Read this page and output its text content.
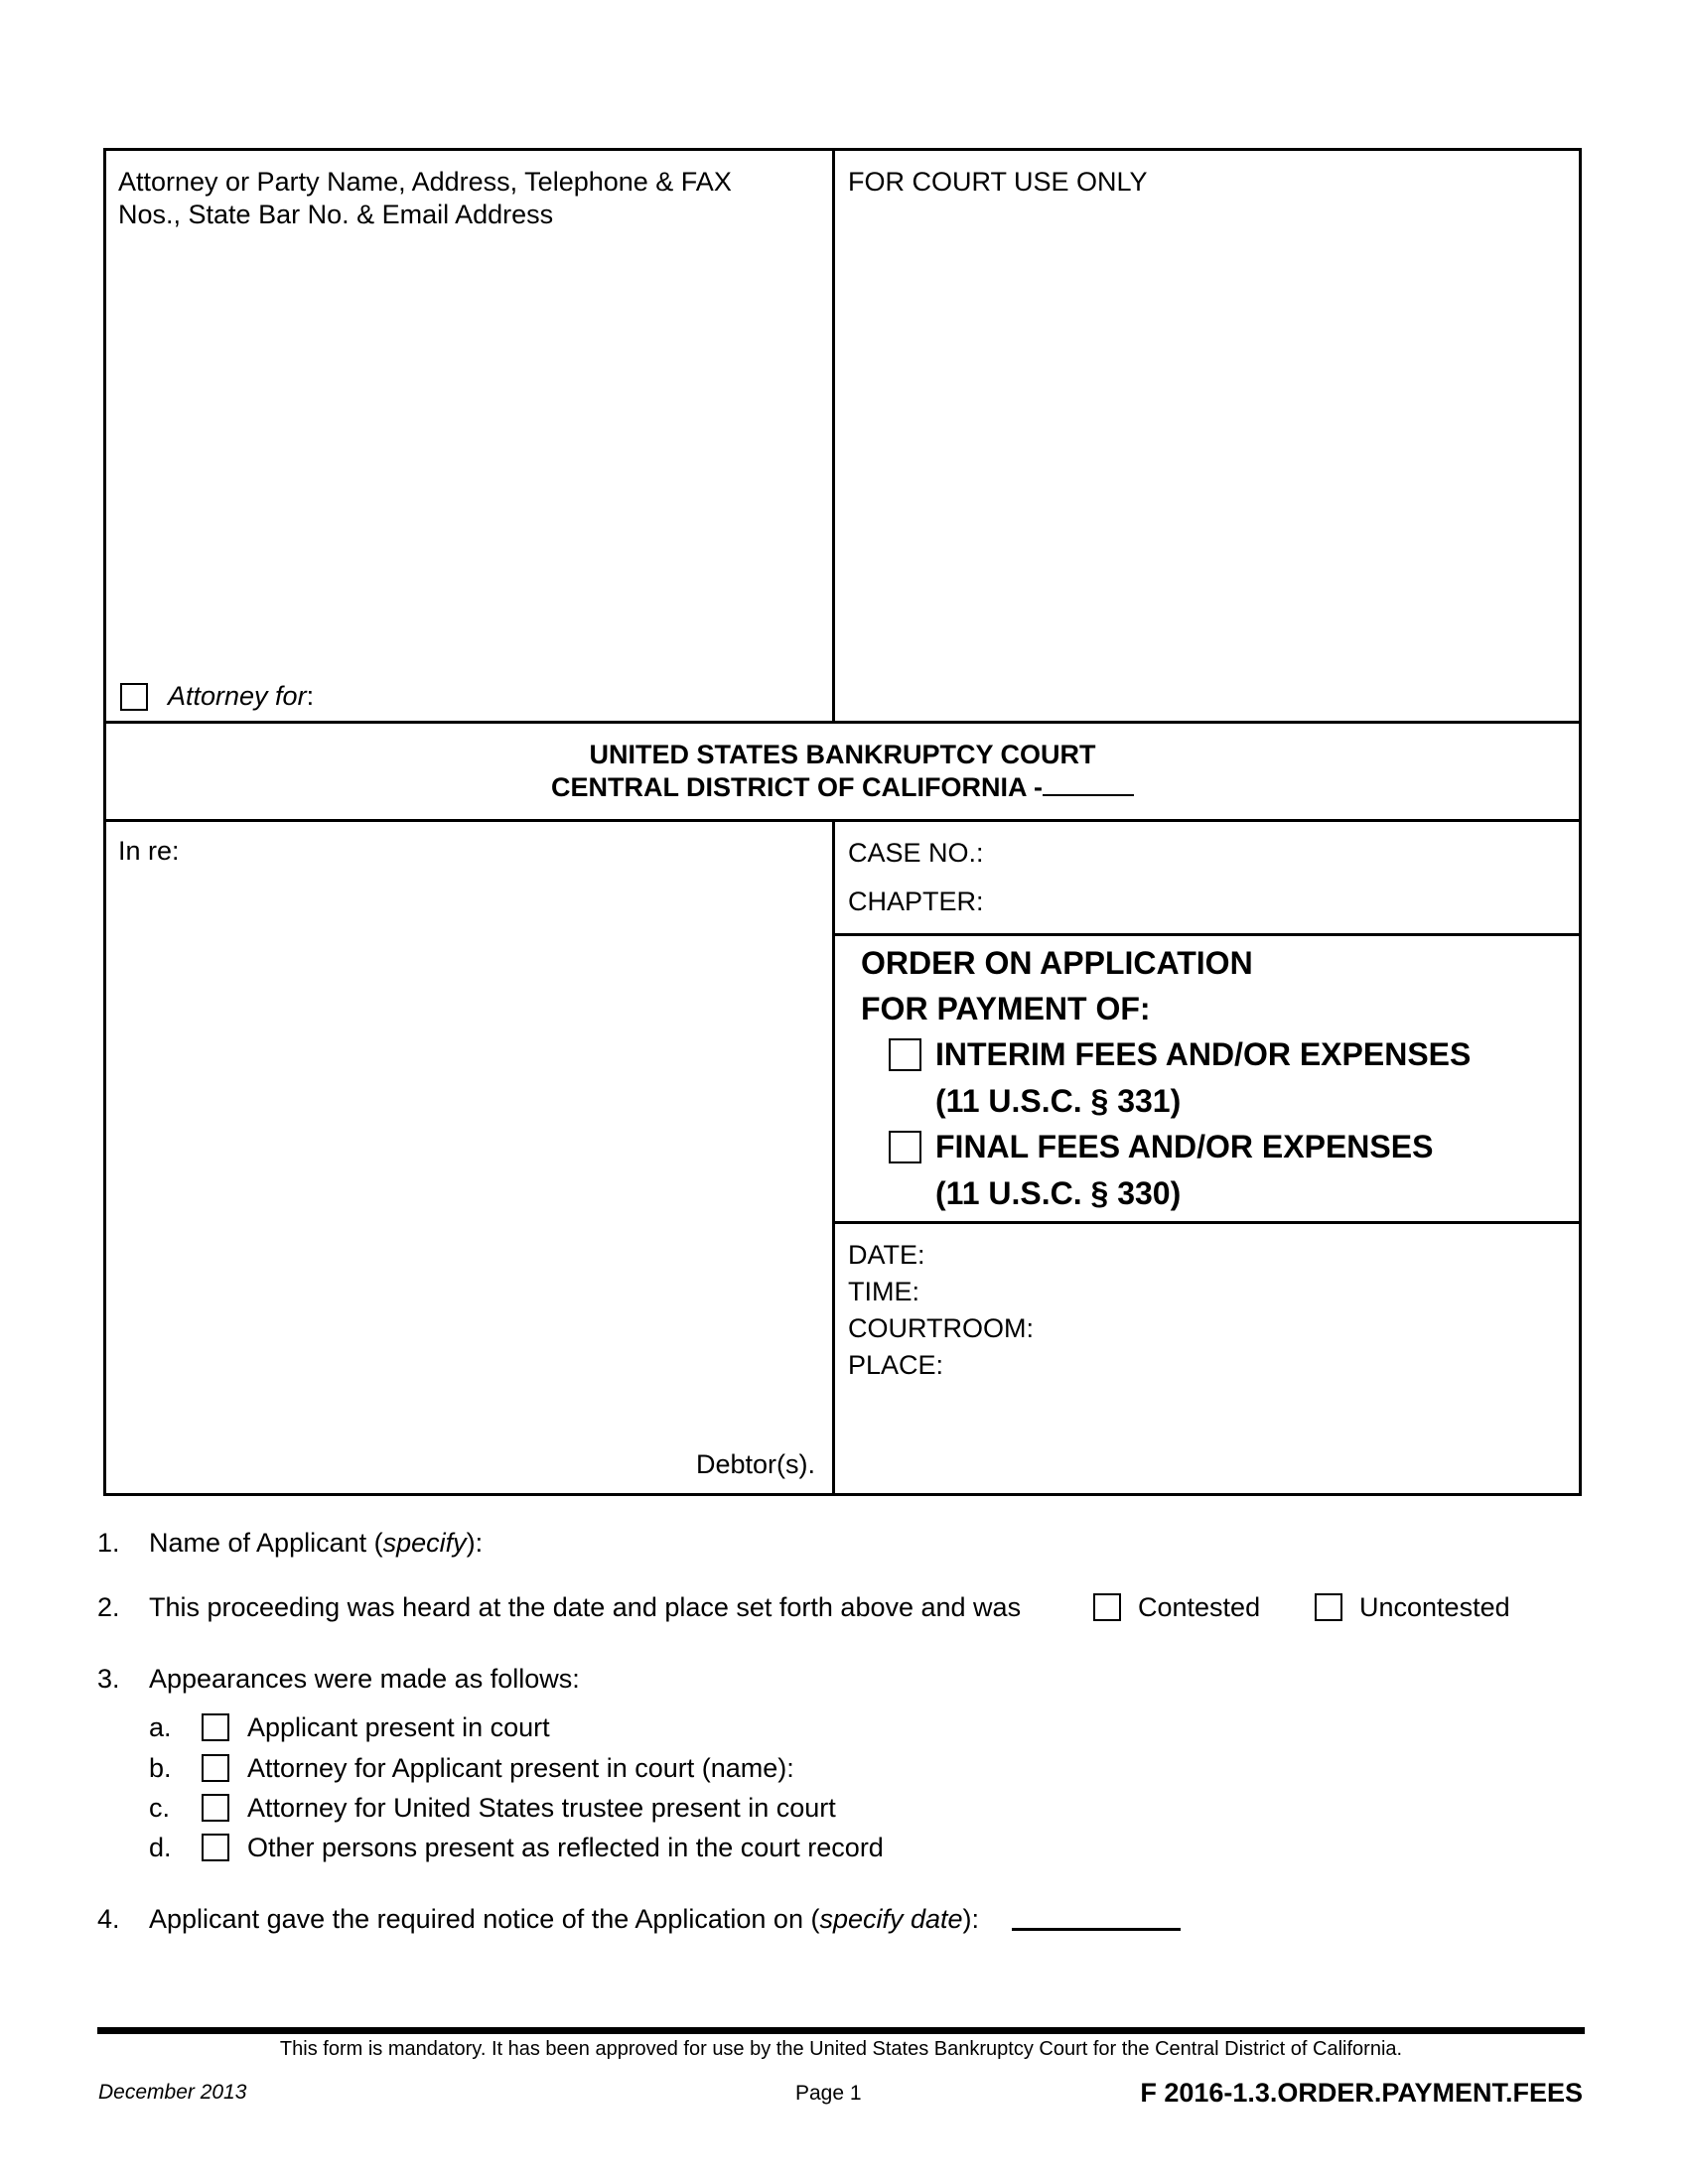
Attorney or Party Name, Address, Telephone & FAX
Nos., State Bar No. & Email Address
Attorney for:
FOR COURT USE ONLY
UNITED STATES BANKRUPTCY COURT
CENTRAL DISTRICT OF CALIFORNIA -
In re:
Debtor(s).
CASE NO.:
CHAPTER:
ORDER ON APPLICATION
FOR PAYMENT OF:
INTERIM FEES AND/OR EXPENSES
(11 U.S.C. § 331)
FINAL FEES AND/OR EXPENSES
(11 U.S.C. § 330)
DATE:
TIME:
COURTROOM:
PLACE:
1. Name of Applicant (specify):
2. This proceeding was heard at the date and place set forth above and was	Contested	Uncontested
3. Appearances were made as follows:
a.	Applicant present in court
b.	Attorney for Applicant present in court (name):
c.	Attorney for United States trustee present in court
d.	Other persons present as reflected in the court record
4. Applicant gave the required notice of the Application on (specify date):
This form is mandatory. It has been approved for use by the United States Bankruptcy Court for the Central District of California.
December 2013	Page 1	F 2016-1.3.ORDER.PAYMENT.FEES
